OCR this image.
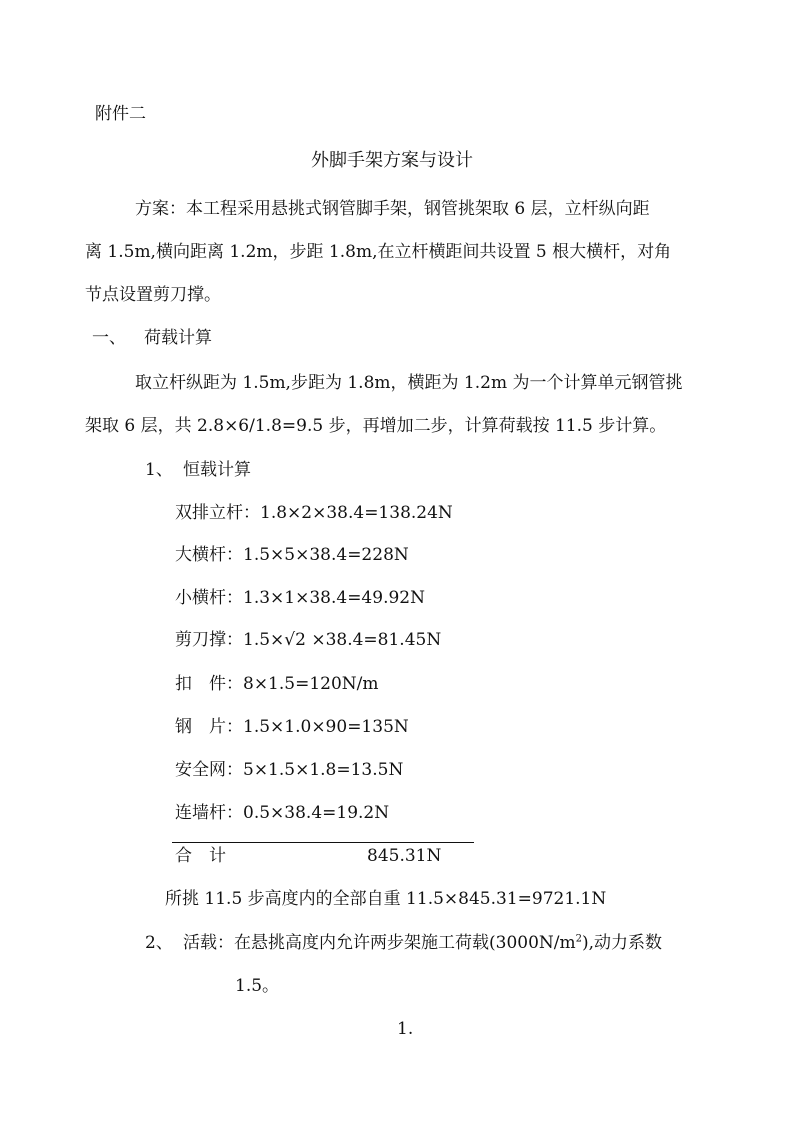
附件二
外脚手架方案与设计
方案：本工程采用悬挑式钢管脚手架，钢管挑架取 6 层，立杆纵向距
离 1.5m,横向距离 1.2m，步距 1.8m,在立杆横距间共设置 5 根大横杆，对角
节点设置剪刀撑。
一、 荷载计算
取立杆纵距为 1.5m,步距为 1.8m，横距为 1.2m 为一个计算单元钢管挑
架取 6 层，共 2.8×6/1.8=9.5 步，再增加二步，计算荷载按 11.5 步计算。
1、 恒载计算
双排立杆：1.8×2×38.4=138.24N
大横杆：1.5×5×38.4=228N
小横杆：1.3×1×38.4=49.92N
剪刀撑：1.5×√2 ×38.4=81.45N
扣　件：8×1.5=120N/m
钢　片：1.5×1.0×90=135N
安全网：5×1.5×1.8=13.5N
连墙杆：0.5×38.4=19.2N
合　计	845.31N
所挑 11.5 步高度内的全部自重 11.5×845.31=9721.1N
2、 活载：在悬挑高度内允许两步架施工荷载$(3000N/m^2)$,动力系数
1.5。
1.
